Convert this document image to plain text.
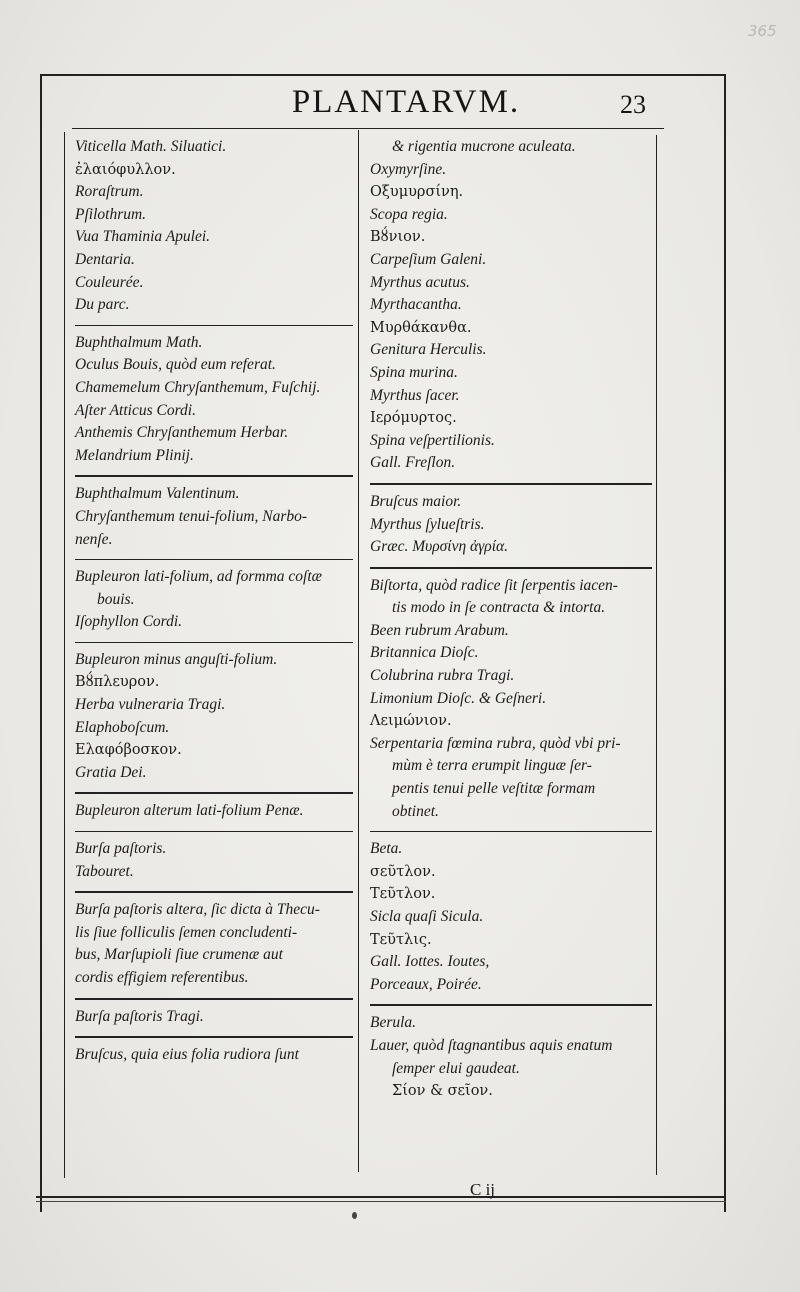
365
PLANTARVM.	23
Viticella Math. Siluatici.
ἐλαιόφυλλον.
Roraſtrum.
Pſilothrum.
Vua Thaminia Apulei.
Dentaria.
Couleurée.
Du parc.
Buphthalmum Math.
Oculus Bouis, quòd eum referat.
Chamemelum Chryſanthemum, Fuſchij.
Aſter Atticus Cordi.
Anthemis Chryſanthemum Herbar.
Melandrium Plinij.
Buphthalmum Valentinum.
Chryſanthemum tenui-folium, Narbo-
nenſe.
Bupleuron lati-folium, ad formma coſtæ
bouis.
Iſophyllon Cordi.
Bupleuron minus anguſti-folium.
Βȣ́πλευρον.
Herba vulneraria Tragi.
Elaphoboſcum.
Ελαφόβοσκον.
Gratia Dei.
Bupleuron alterum lati-folium Penæ.
Burſa paſtoris.
Tabouret.
Burſa paſtoris altera, ſic dicta à Thecu-
lis ſiue folliculis ſemen concludenti-
bus, Marſupioli ſiue crumenæ aut
cordis effigiem referentibus.
Burſa paſtoris Tragi.
Bruſcus, quia eius folia rudiora ſunt
& rigentia mucrone aculeata.
Oxymyrſine.
Οξυμυρσίνη.
Scopa regia.
Βȣ́νιον.
Carpeſium Galeni.
Myrthus acutus.
Myrthacantha.
Μυρθάκανθα.
Genitura Herculis.
Spina murina.
Myrthus ſacer.
Ιερόμυρτος.
Spina veſpertilionis.
Gall. Freſlon.
Bruſcus maior.
Myrthus ſylueſtris.
Græc. Μυρσίνη ἀγρία.
Biſtorta, quòd radice ſit ſerpentis iacen-
tis modo in ſe contracta & intorta.
Been rubrum Arabum.
Britannica Dioſc.
Colubrina rubra Tragi.
Limonium Dioſc. & Geſneri.
Λειμώνιον.
Serpentaria fœmina rubra, quòd vbi pri-
mùm è terra erumpit linguæ ſer-
pentis tenui pelle veſtitæ formam
obtinet.
Beta.
σεῦτλον.
Τεῦτλον.
Sicla quaſi Sicula.
Τεῦτλις.
Gall. Iottes. Ioutes,
Porceaux, Poirée.
Berula.
Lauer, quòd ſtagnantibus aquis enatum
ſemper elui gaudeat.
Σίον & σεῖον.
C ij
